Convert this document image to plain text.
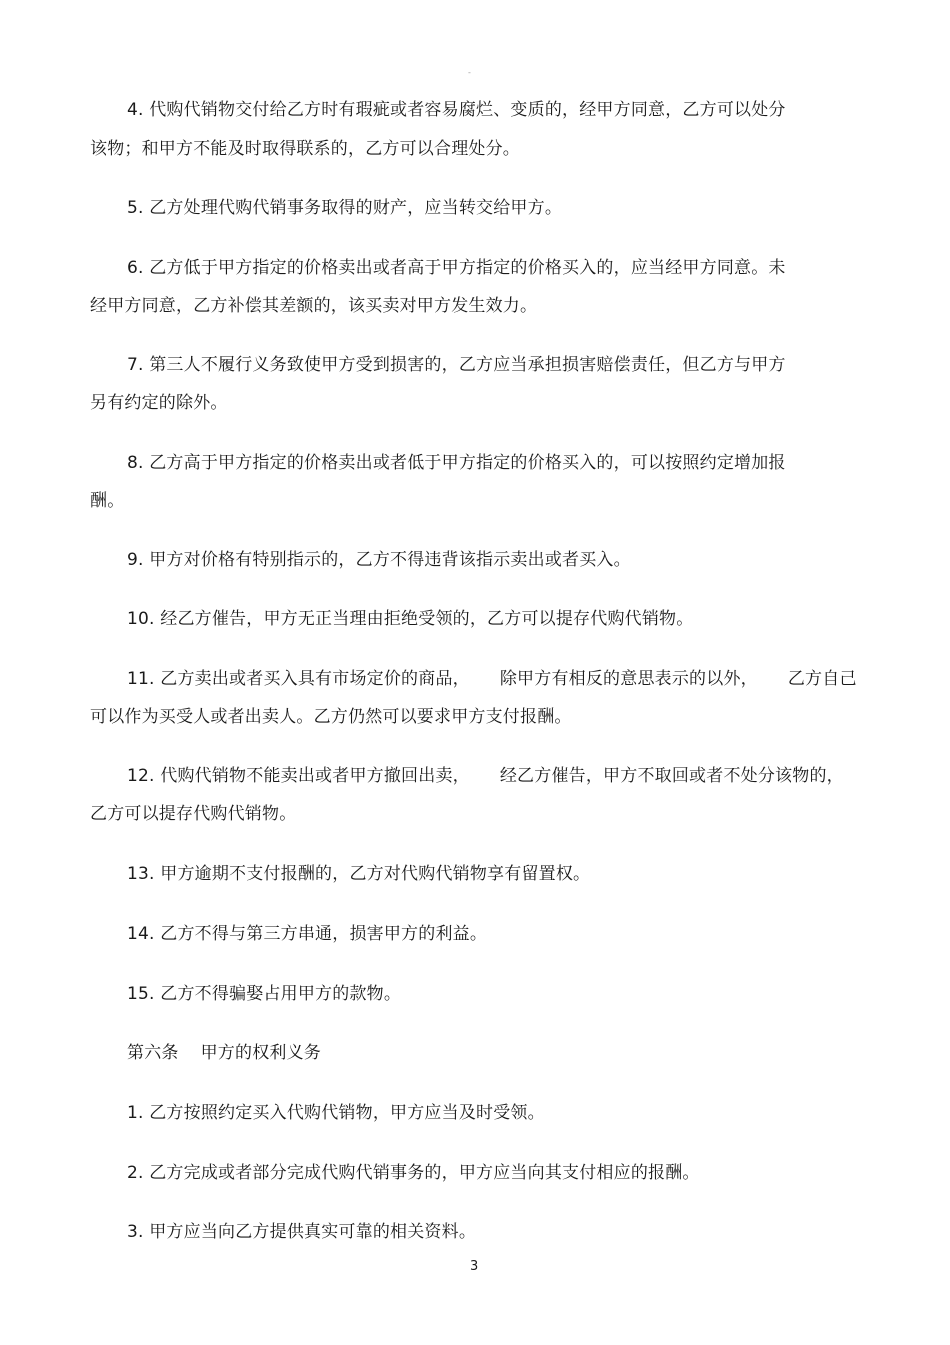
-
4. 代购代销物交付给乙方时有瑕疵或者容易腐烂、变质的，经甲方同意，乙方可以处分
该物；和甲方不能及时取得联系的，乙方可以合理处分。
5. 乙方处理代购代销事务取得的财产，应当转交给甲方。
6. 乙方低于甲方指定的价格卖出或者高于甲方指定的价格买入的，应当经甲方同意。未
经甲方同意，乙方补偿其差额的，该买卖对甲方发生效力。
7. 第三人不履行义务致使甲方受到损害的，乙方应当承担损害赔偿责任，但乙方与甲方
另有约定的除外。
8. 乙方高于甲方指定的价格卖出或者低于甲方指定的价格买入的，可以按照约定增加报
酬。
9. 甲方对价格有特别指示的，乙方不得违背该指示卖出或者买入。
10. 经乙方催告，甲方无正当理由拒绝受领的，乙方可以提存代购代销物。
11. 乙方卖出或者买入具有市场定价的商品， 除甲方有相反的意思表示的以外， 乙方自己
可以作为买受人或者出卖人。乙方仍然可以要求甲方支付报酬。
12. 代购代销物不能卖出或者甲方撤回出卖， 经乙方催告，甲方不取回或者不处分该物的，
乙方可以提存代购代销物。
13. 甲方逾期不支付报酬的，乙方对代购代销物享有留置权。
14. 乙方不得与第三方串通，损害甲方的利益。
15. 乙方不得骗娶占用甲方的款物。
第六条 甲方的权利义务
1. 乙方按照约定买入代购代销物，甲方应当及时受领。
2. 乙方完成或者部分完成代购代销事务的，甲方应当向其支付相应的报酬。
3. 甲方应当向乙方提供真实可靠的相关资料。
3
